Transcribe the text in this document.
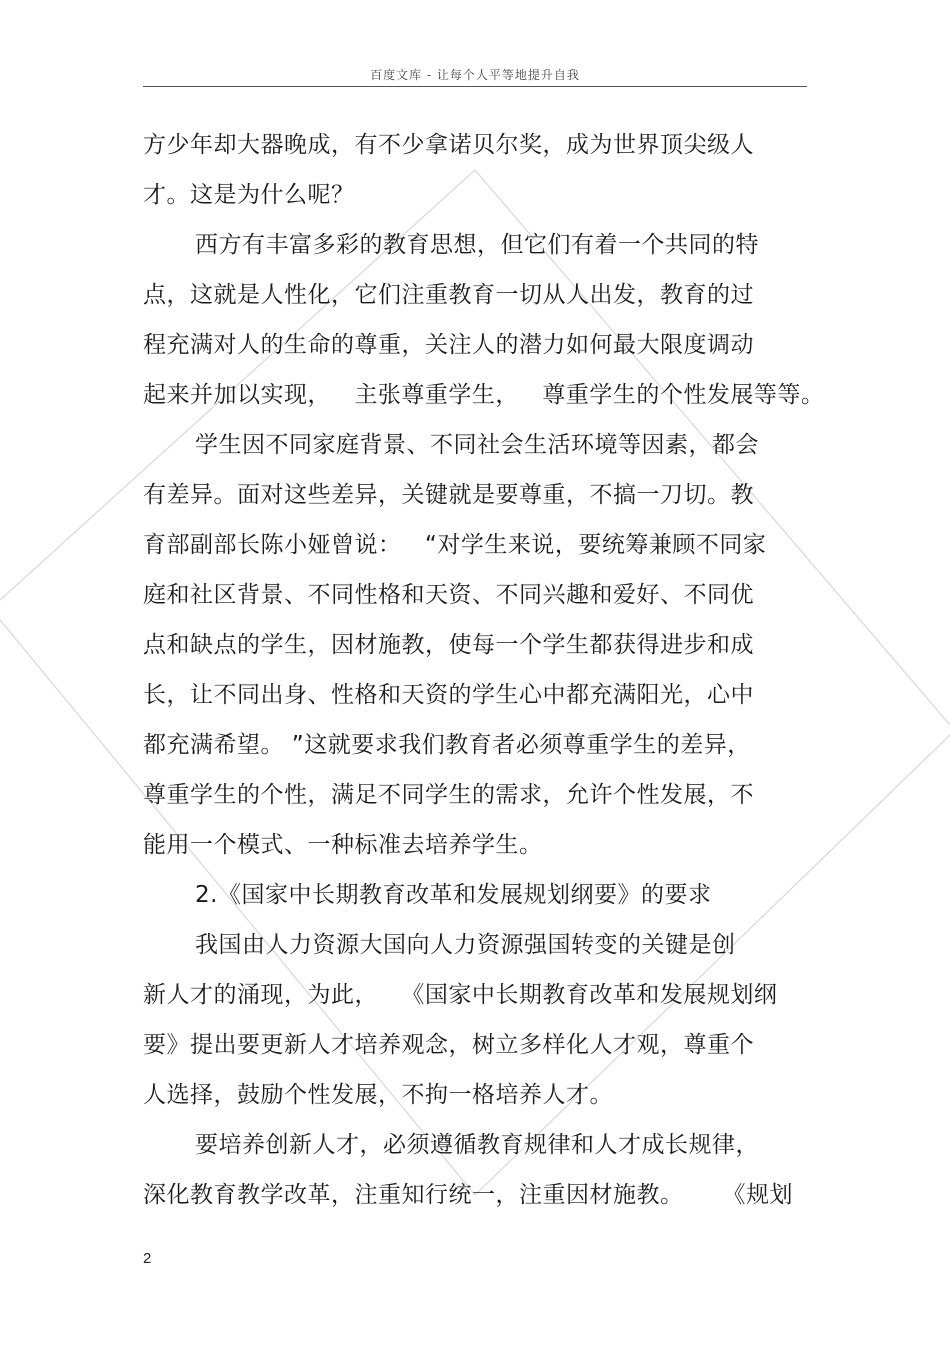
百度文库 - 让每个人平等地提升自我
方少年却大器晚成，有不少拿诺贝尔奖，成为世界顶尖级人
才。这是为什么呢？
西方有丰富多彩的教育思想，但它们有着一个共同的特
点，这就是人性化，它们注重教育一切从人出发，教育的过
程充满对人的生命的尊重，关注人的潜力如何最大限度调动
起来并加以实现，   主张尊重学生，   尊重学生的个性发展等等。
学生因不同家庭背景、不同社会生活环境等因素，都会
有差异。面对这些差异，关键就是要尊重，不搞一刀切。教
育部副部长陈小娅曾说：   “对学生来说，要统筹兼顾不同家
庭和社区背景、不同性格和天资、不同兴趣和爱好、不同优
点和缺点的学生，因材施教，使每一个学生都获得进步和成
长，让不同出身、性格和天资的学生心中都充满阳光，心中
都充满希望。 ”这就要求我们教育者必须尊重学生的差异，
尊重学生的个性，满足不同学生的需求，允许个性发展，不
能用一个模式、一种标准去培养学生。
2.《国家中长期教育改革和发展规划纲要》的要求
我国由人力资源大国向人力资源强国转变的关键是创
新人才的涌现，为此，   《国家中长期教育改革和发展规划纲
要》提出要更新人才培养观念，树立多样化人才观，尊重个
人选择，鼓励个性发展，不拘一格培养人才。
要培养创新人才，必须遵循教育规律和人才成长规律，
深化教育教学改革，注重知行统一，注重因材施教。     《规划
2
